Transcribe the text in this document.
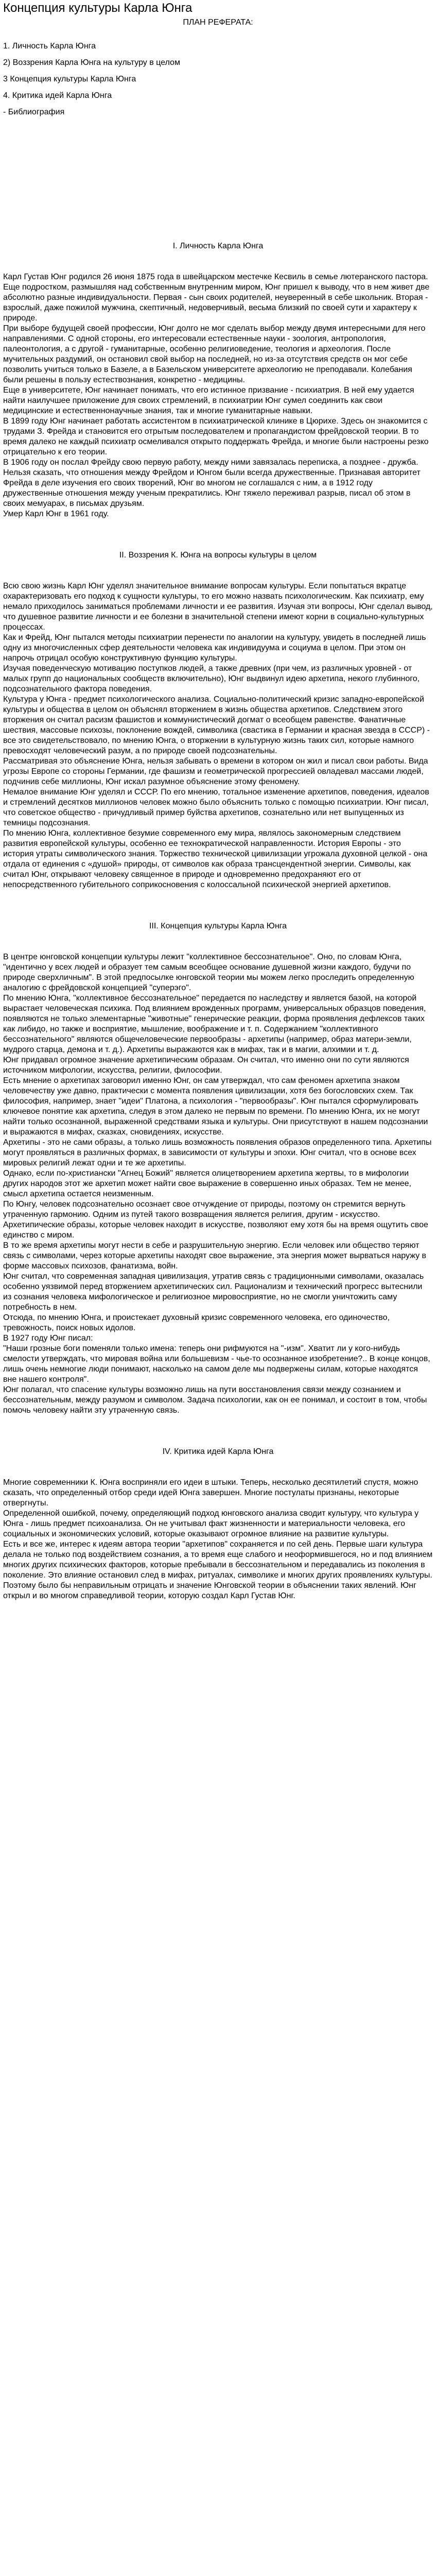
Концепция культуры Карла Юнга
ПЛАН РЕФЕРАТА:
1. Личность Карла Юнга
2) Воззрения Карла Юнга на культуру в целом
3 Концепция культуры Карла Юнга
4. Критика идей Карла Юнга
- Библиография
I. Личность Карла Юнга

Карл Густав Юнг родился 26 июня 1875 года в швейцарском местечке Кесвиль в семье лютеранского пастора.

Еще подростком, размышляя над собственным внутренним миром, Юнг пришел к выводу, что в нем живет две абсолютно разные индивидуальности. Первая - сын своих родителей, неуверенный в себе школьник. Вторая - взрослый, даже пожилой мужчина, скептичный, недоверчивый, весьма близкий по своей сути и характеру к природе.

При выборе будущей своей профессии, Юнг долго не мог сделать выбор между двумя интересными для него направлениями. С одной стороны, его интересовали естественные науки - зоология, антропология, палеонтология, а с другой - гуманитарные, особенно религиоведение, теология и археология. После мучительных раздумий, он остановил свой выбор на последней, но из-за отсутствия средств он мог себе позволить учиться только в Базеле, а в Базельском университете археологию не преподавали. Колебания были решены в пользу естествознания, конкретно - медицины.

Еще в университете, Юнг начинает понимать, что его истинное призвание - психиатрия. В ней ему удается найти наилучшее приложение для своих стремлений, в психиатрии Юнг сумел соединить как свои медицинские и естественнонаучные знания, так и многие гуманитарные навыки.

В 1899 году Юнг начинает работать ассистентом в психиатрической клинике в Цюрихе. Здесь он знакомится с трудами З. Фрейда и становится его отрытым последователем и пропагандистом фрейдовской теории. В то время далеко не каждый психиатр осмеливался открыто поддержать Фрейда, и многие были настроены резко отрицательно к его теории.

В 1906 году он послал Фрейду свою первую работу, между ними завязалась переписка, а позднее - дружба.

Нельзя сказать, что отношения между Фрейдом и Юнгом были всегда дружественные. Признавая авторитет Фрейда в деле изучения его своих творений, Юнг во многом не соглашался с ним, а в 1912 году дружественные отношения между ученым прекратились. Юнг тяжело переживал разрыв, писал об этом в своих мемуарах, в письмах друзьям.

Умер Карл Юнг в 1961 году.

II. Воззрения К. Юнга на вопросы культуры в целом

Всю свою жизнь Карл Юнг уделял значительное внимание вопросам культуры. Если попытаться вкратце охарактеризовать его подход к сущности культуры, то его можно назвать психологическим. Как психиатр, ему немало приходилось заниматься проблемами личности и ее развития. Изучая эти вопросы, Юнг сделал вывод, что душевное развитие личности и ее болезни в значительной степени имеют корни в социально-культурных процессах.

Как и Фрейд, Юнг пытался методы психиатрии перенести по аналогии на культуру, увидеть в последней лишь одну из многочисленных сфер деятельности человека как индивидуума и социума в целом. При этом он напрочь отрицал особую конструктивную функцию культуры.

Изучая поведенческую мотивацию поступков людей, а также древних (при чем, из различных уровней - от малых групп до национальных сообществ включительно), Юнг выдвинул идею архетипа, некого глубинного, подсознательного фактора поведения.

Культура у Юнга - предмет психологического анализа. Социально-политический кризис западно-европейской культуры и общества в целом он объяснял вторжением в жизнь общества архетипов. Следствием этого вторжения он считал расизм фашистов и коммунистический догмат о всеобщем равенстве. Фанатичные шествия, массовые психозы, поклонение вождей, символика (свастика в Германии и красная звезда в СССР) - все это свидетельствовало, по мнению Юнга, о вторжении в культурную жизнь таких сил, которые намного превосходят человеческий разум, а по природе своей подсознательны.

Рассматривая это объяснение Юнга, нельзя забывать о времени в котором он жил и писал свои работы. Вида угрозы Европе со стороны Германии, где фашизм и геометрической прогрессией овладевал массами людей, подчинив себе миллионы, Юнг искал разумное объяснение этому феномену.

Немалое внимание Юнг уделял и СССР. По его мнению, тотальное изменение архетипов, поведения, идеалов и стремлений десятков миллионов человек можно было объяснить только с помощью психиатрии. Юнг писал, что советское общество - причудливый пример буйства архетипов, сознательно или нет выпущенных из темницы подсознания.

По мнению Юнга, коллективное безумие современного ему мира, являлось закономерным следствием развития европейской культуры, особенно ее технократической направленности. История Европы - это история утраты символического знания. Торжество технической цивилизации угрожала духовной целкой - она отдала от единения с «душой» природы, от символов как образа трансцендентной энергии. Символы, как считал Юнг, открывают человеку священное в природе и одновременно предохраняют его от непосредственного губительного соприкосновения с колоссальной психической энергией архетипов.

III. Концепция культуры Карла Юнга

В центре юнговской концепции культуры лежит "коллективное бессознательное". Оно, по словам Юнга, "идентично у всех людей и образует тем самым всеобщее основание душевной жизни каждого, будучи по природе сверхличным". В этой предпосылке юнговской теории мы можем легко проследить определенную аналогию с фрейдовской концепцией "суперэго".

По мнению Юнга, "коллективное бессознательное" передается по наследству и является базой, на которой вырастает человеческая психика. Под влиянием врожденных программ, универсальных образцов поведения, появляются не только элементарные "животные" генерические реакции, форма проявления дефлексов таких как либидо, но также и восприятие, мышление, воображение и т. п. Содержанием "коллективного бессознательного" являются общечеловеческие первообразы - архетипы (например, образ матери-земли, мудрого старца, демона и т. д.). Архетипы выражаются как в мифах, так и в магии, алхимии и т. д.

Юнг придавал огромное значение архетипическим образам. Он считал, что именно они по сути являются источником мифологии, искусства, религии, философии.

Есть мнение о архетипах заговорил именно Юнг, он сам утверждал, что сам феномен архетипа знаком человечеству уже давно, практически с момента появления цивилизации, хотя без богословских схем. Так философия, например, знает "идеи" Платона, а психология - "первообразы". Юнг пытался сформулировать ключевое понятие как архетипа, следуя в этом далеко не первым по времени. По мнению Юнга, их не могут найти только осознанной, выраженной средствами языка и культуры. Они присутствуют в нашем подсознании и выражаются в мифах, сказках, сновидениях, искусстве.

Архетипы - это не сами образы, а только лишь возможность появления образов определенного типа. Архетипы могут проявляться в различных формах, в зависимости от культуры и эпохи. Юнг считал, что в основе всех мировых религий лежат одни и те же архетипы.

Однако, если по-христиански "Агнец Божий" является олицетворением архетипа жертвы, то в мифологии других народов этот же архетип может найти свое выражение в совершенно иных образах. Тем не менее, смысл архетипа остается неизменным.

По Юнгу, человек подсознательно осознает свое отчуждение от природы, поэтому он стремится вернуть утраченную гармонию. Одним из путей такого возвращения является религия, другим - искусство. Архетипические образы, которые человек находит в искусстве, позволяют ему хотя бы на время ощутить свое единство с миром.

В то же время архетипы могут нести в себе и разрушительную энергию. Если человек или общество теряют связь с символами, через которые архетипы находят свое выражение, эта энергия может вырваться наружу в форме массовых психозов, фанатизма, войн.

Юнг считал, что современная западная цивилизация, утратив связь с традиционными символами, оказалась особенно уязвимой перед вторжением архетипических сил. Рационализм и технический прогресс вытеснили из сознания человека мифологическое и религиозное мировосприятие, но не смогли уничтожить саму потребность в нем.

Отсюда, по мнению Юнга, и проистекает духовный кризис современного человека, его одиночество, тревожность, поиск новых идолов.

В 1927 году Юнг писал:

"Наши грозные боги поменяли только имена: теперь они рифмуются на "-изм". Хватит ли у кого-нибудь смелости утверждать, что мировая война или большевизм - чье-то осознанное изобретение?.. В конце концов, лишь очень немногие люди понимают, насколько на самом деле мы подвержены силам, которые находятся вне нашего контроля".

Юнг полагал, что спасение культуры возможно лишь на пути восстановления связи между сознанием и бессознательным, между разумом и символом. Задача психологии, как он ее понимал, и состоит в том, чтобы помочь человеку найти эту утраченную связь.

IV. Критика идей Карла Юнга

Многие современники К. Юнга восприняли его идеи в штыки. Теперь, несколько десятилетий спустя, можно сказать, что определенный отбор среди идей Юнга завершен. Многие постулаты признаны, некоторые отвергнуты.

Определенной ошибкой, почему, определяющий подход юнговского анализа сводит культуру, что культура у Юнга - лишь предмет психоанализа. Он не учитывал факт жизненности и материальности человека, его социальных и экономических условий, которые оказывают огромное влияние на развитие культуры.

Есть и все же, интерес к идеям автора теории "архетипов" сохраняется и по сей день. Первые шаги культура делала не только под воздействием сознания, а то время еще слабого и неоформившегося, но и под влиянием многих других психических факторов, которые пребывали в бессознательном и передавались из поколения в поколение. Это влияние остановил след в мифах, ритуалах, символике и многих других проявлениях культуры. Поэтому было бы неправильным отрицать и значение Юнговской теории в объяснении таких явлений. Юнг открыл и во многом справедливой теории, которую создал Карл Густав Юнг.
